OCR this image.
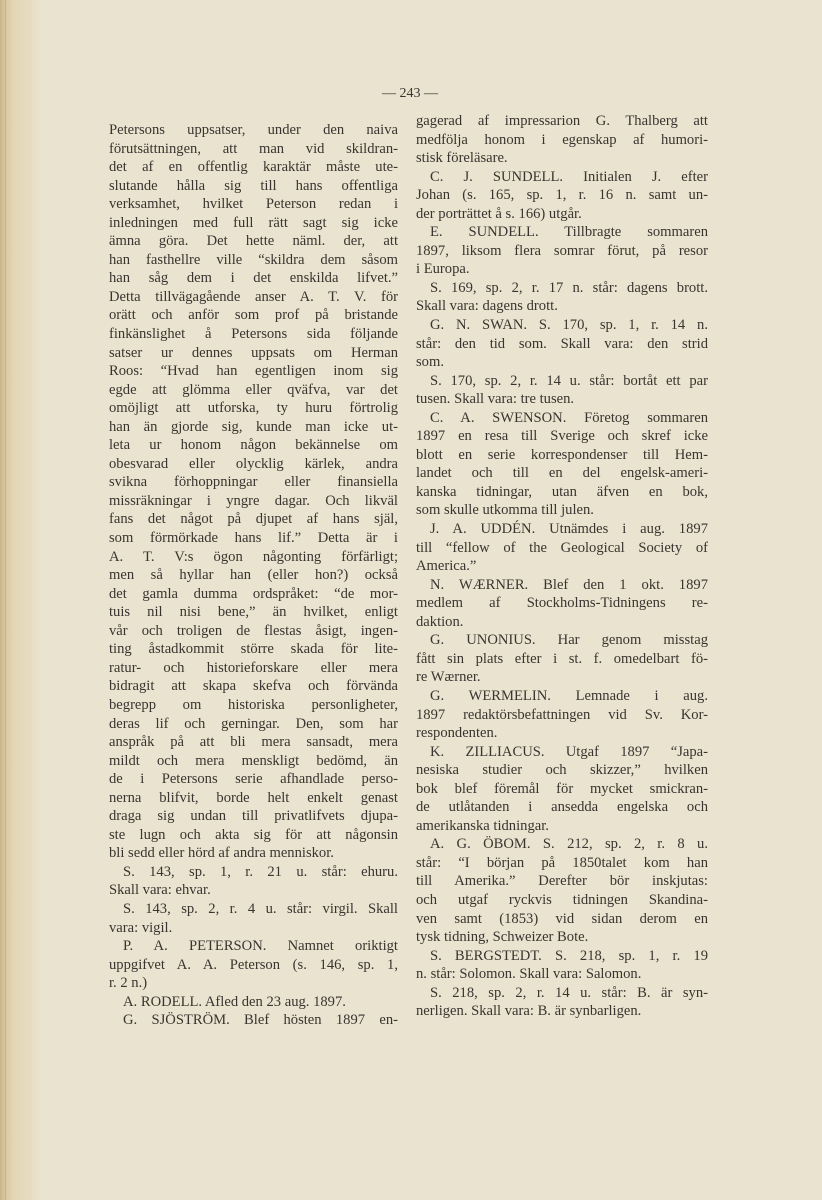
— 243 —
Petersons uppsatser, under den naiva
förutsättningen, att man vid skildran-
det af en offentlig karaktär måste ute-
slutande hålla sig till hans offentliga
verksamhet, hvilket Peterson redan i
inledningen med full rätt sagt sig icke
ämna göra. Det hette näml. der, att
han fasthellre ville “skildra dem såsom
han såg dem i det enskilda lifvet.”
Detta tillvägagående anser A. T. V. för
orätt och anför som prof på bristande
finkänslighet å Petersons sida följande
satser ur dennes uppsats om Herman
Roos: “Hvad han egentligen inom sig
egde att glömma eller qväfva, var det
omöjligt att utforska, ty huru förtrolig
han än gjorde sig, kunde man icke ut-
leta ur honom någon bekännelse om
obesvarad eller olycklig kärlek, andra
svikna förhoppningar eller finansiella
missräkningar i yngre dagar. Och likväl
fans det något på djupet af hans själ,
som förmörkade hans lif.” Detta är i
A. T. V:s ögon någonting förfärligt;
men så hyllar han (eller hon?) också
det gamla dumma ordspråket: “de mor-
tuis nil nisi bene,” än hvilket, enligt
vår och troligen de flestas åsigt, ingen-
ting åstadkommit större skada för lite-
ratur- och historieforskare eller mera
bidragit att skapa skefva och förvända
begrepp om historiska personligheter,
deras lif och gerningar. Den, som har
anspråk på att bli mera sansadt, mera
mildt och mera menskligt bedömd, än
de i Petersons serie afhandlade perso-
nerna blifvit, borde helt enkelt genast
draga sig undan till privatlifvets djupa-
ste lugn och akta sig för att någonsin
bli sedd eller hörd af andra menniskor.
S. 143, sp. 1, r. 21 u. står: ehuru.
Skall vara: ehvar.
S. 143, sp. 2, r. 4 u. står: virgil. Skall
vara: vigil.
P. A. PETERSON. Namnet oriktigt
uppgifvet A. A. Peterson (s. 146, sp. 1,
r. 2 n.)
A. RODELL. Afled den 23 aug. 1897.
G. SJÖSTRÖM. Blef hösten 1897 en-
gagerad af impressarion G. Thalberg att
medfölja honom i egenskap af humori-
stisk föreläsare.
C. J. SUNDELL. Initialen J. efter
Johan (s. 165, sp. 1, r. 16 n. samt un-
der porträttet å s. 166) utgår.
E. SUNDELL. Tillbragte sommaren
1897, liksom flera somrar förut, på resor
i Europa.
S. 169, sp. 2, r. 17 n. står: dagens brott.
Skall vara: dagens drott.
G. N. SWAN. S. 170, sp. 1, r. 14 n.
står: den tid som. Skall vara: den strid
som.
S. 170, sp. 2, r. 14 u. står: bortåt ett par
tusen. Skall vara: tre tusen.
C. A. SWENSON. Företog sommaren
1897 en resa till Sverige och skref icke
blott en serie korrespondenser till Hem-
landet och till en del engelsk-ameri-
kanska tidningar, utan äfven en bok,
som skulle utkomma till julen.
J. A. UDDÉN. Utnämdes i aug. 1897
till “fellow of the Geological Society of
America.”
N. WÆRNER. Blef den 1 okt. 1897
medlem af Stockholms-Tidningens re-
daktion.
G. UNONIUS. Har genom misstag
fått sin plats efter i st. f. omedelbart fö-
re Wærner.
G. WERMELIN. Lemnade i aug.
1897 redaktörsbefattningen vid Sv. Kor-
respondenten.
K. ZILLIACUS. Utgaf 1897 “Japa-
nesiska studier och skizzer,” hvilken
bok blef föremål för mycket smickran-
de utlåtanden i ansedda engelska och
amerikanska tidningar.
A. G. ÖBOM. S. 212, sp. 2, r. 8 u.
står: “I början på 1850talet kom han
till Amerika.” Derefter bör inskjutas:
och utgaf ryckvis tidningen Skandina-
ven samt (1853) vid sidan derom en
tysk tidning, Schweizer Bote.
S. BERGSTEDT. S. 218, sp. 1, r. 19
n. står: Solomon. Skall vara: Salomon.
S. 218, sp. 2, r. 14 u. står: B. är syn-
nerligen. Skall vara: B. är synbarligen.
